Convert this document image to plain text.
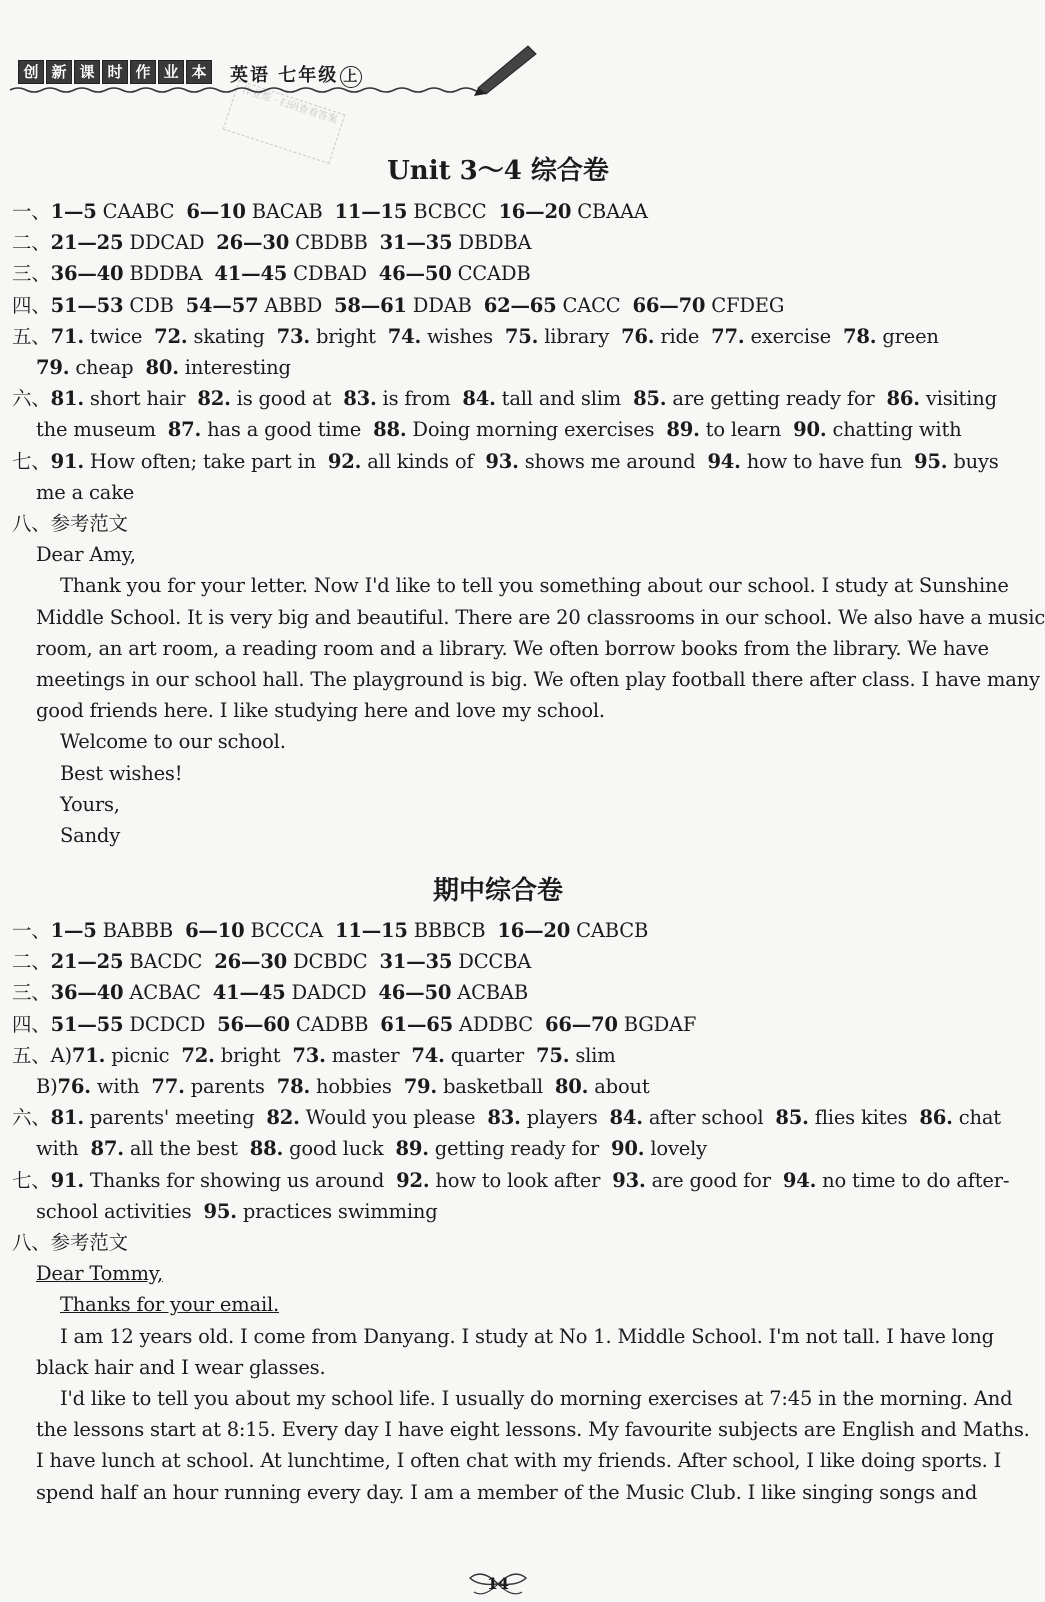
创 新 课 时 作 业 本	英语 七年级 上
作业帮 · 扫码查看答案
Unit 3～4 综合卷
一、1—5 CAABC  6—10 BACAB  11—15 BCBCC  16—20 CBAAA
二、21—25 DDCAD  26—30 CBDBB  31—35 DBDBA
三、36—40 BDDBA  41—45 CDBAD  46—50 CCADB
四、51—53 CDB  54—57 ABBD  58—61 DDAB  62—65 CACC  66—70 CFDEG
五、71. twice  72. skating  73. bright  74. wishes  75. library  76. ride  77. exercise  78. green
79. cheap  80. interesting
六、81. short hair  82. is good at  83. is from  84. tall and slim  85. are getting ready for  86. visiting
the museum  87. has a good time  88. Doing morning exercises  89. to learn  90. chatting with
七、91. How often; take part in  92. all kinds of  93. shows me around  94. how to have fun  95. buys
me a cake
八、参考范文
Dear Amy,
Thank you for your letter. Now I'd like to tell you something about our school. I study at Sunshine
Middle School. It is very big and beautiful. There are 20 classrooms in our school. We also have a music
room, an art room, a reading room and a library. We often borrow books from the library. We have
meetings in our school hall. The playground is big. We often play football there after class. I have many
good friends here. I like studying here and love my school.
Welcome to our school.
Best wishes!
Yours,
Sandy
期中综合卷
一、1—5 BABBB  6—10 BCCCA  11—15 BBBCB  16—20 CABCB
二、21—25 BACDC  26—30 DCBDC  31—35 DCCBA
三、36—40 ACBAC  41—45 DADCD  46—50 ACBAB
四、51—55 DCDCD  56—60 CADBB  61—65 ADDBC  66—70 BGDAF
五、A)71. picnic  72. bright  73. master  74. quarter  75. slim
B)76. with  77. parents  78. hobbies  79. basketball  80. about
六、81. parents' meeting  82. Would you please  83. players  84. after school  85. flies kites  86. chat
with  87. all the best  88. good luck  89. getting ready for  90. lovely
七、91. Thanks for showing us around  92. how to look after  93. are good for  94. no time to do after-
school activities  95. practices swimming
八、参考范文
Dear Tommy,
Thanks for your email.
I am 12 years old. I come from Danyang. I study at No 1. Middle School. I'm not tall. I have long
black hair and I wear glasses.
I'd like to tell you about my school life. I usually do morning exercises at 7:45 in the morning. And
the lessons start at 8:15. Every day I have eight lessons. My favourite subjects are English and Maths.
I have lunch at school. At lunchtime, I often chat with my friends. After school, I like doing sports. I
spend half an hour running every day. I am a member of the Music Club. I like singing songs and
14
